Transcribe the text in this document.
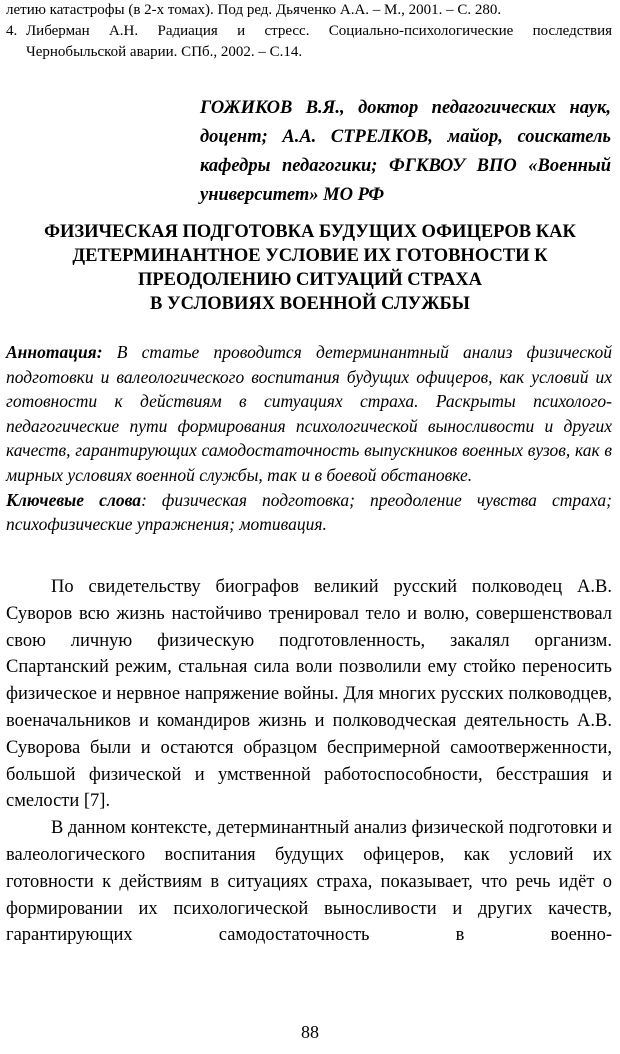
летию катастрофы (в 2-х томах). Под ред. Дьяченко А.А. – М., 2001. – С. 280.
4. Либерман А.Н. Радиация и стресс. Социально-психологические последствия Чернобыльской аварии. СПб., 2002. – С.14.
ГОЖИКОВ В.Я., доктор педагогических наук, доцент; А.А. СТРЕЛКОВ, майор, соискатель кафедры педагогики; ФГКВОУ ВПО «Военный университет» МО РФ
ФИЗИЧЕСКАЯ ПОДГОТОВКА БУДУЩИХ ОФИЦЕРОВ КАК
ДЕТЕРМИНАНТНОЕ УСЛОВИЕ ИХ ГОТОВНОСТИ К
ПРЕОДОЛЕНИЮ СИТУАЦИЙ СТРАХА
В УСЛОВИЯХ ВОЕННОЙ СЛУЖБЫ
Аннотация: В статье проводится детерминантный анализ физической подготовки и валеологического воспитания будущих офицеров, как условий их готовности к действиям в ситуациях страха. Раскрыты психолого-педагогические пути формирования психологической выносливости и других качеств, гарантирующих самодостаточность выпускников военных вузов, как в мирных условиях военной службы, так и в боевой обстановке.
Ключевые слова: физическая подготовка; преодоление чувства страха; психофизические упражнения; мотивация.

По свидетельству биографов великий русский полководец А.В. Суворов всю жизнь настойчиво тренировал тело и волю, совершенствовал свою личную физическую подготовленность, закалял организм. Спартанский режим, стальная сила воли позволили ему стойко переносить физическое и нервное напряжение войны. Для многих русских полководцев, военачальников и командиров жизнь и полководческая деятельность А.В. Суворова были и остаются образцом беспримерной самоотверженности, большой физической и умственной работоспособности, бесстрашия и смелости [7].

В данном контексте, детерминантный анализ физической подготовки и валеологического воспитания будущих офицеров, как условий их готовности к действиям в ситуациях страха, показывает, что речь идёт о формировании их психологической выносливости и других качеств, гарантирующих самодостаточность в военно-

88
